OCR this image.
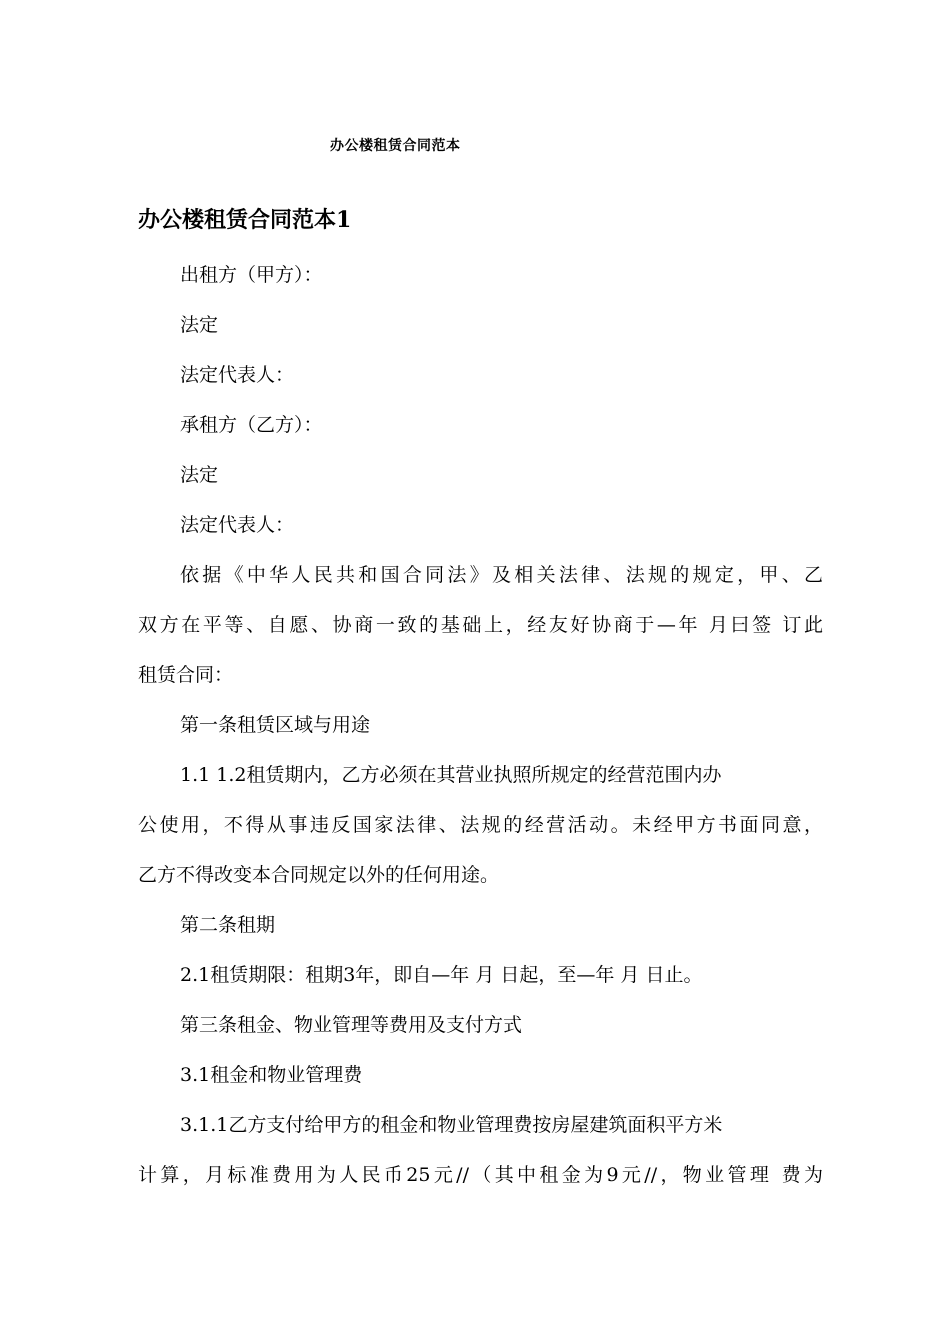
办公楼租赁合同范本
办公楼租赁合同范本1
出租方（甲方）：
法定
法定代表人：
承租方（乙方）：
法定
法定代表人：
依据《中华人民共和国合同法》及相关法律、法规的规定，甲、乙
双方在平等、自愿、协商一致的基础上，经友好协商于—年 月曰签 订此
租赁合同：
第一条租赁区域与用途
1.1 1.2租赁期内，乙方必须在其营业执照所规定的经营范围内办
公使用，不得从事违反国家法律、法规的经营活动。未经甲方书面同意，
乙方不得改变本合同规定以外的任何用途。
第二条租期
2.1租赁期限：租期3年，即自—年 月 日起，至—年 月 日止。
第三条租金、物业管理等费用及支付方式
3.1租金和物业管理费
3.1.1乙方支付给甲方的租金和物业管理费按房屋建筑面积平方米
计算，月标准费用为人民币25元//（其中租金为9元//，物业管理 费为
